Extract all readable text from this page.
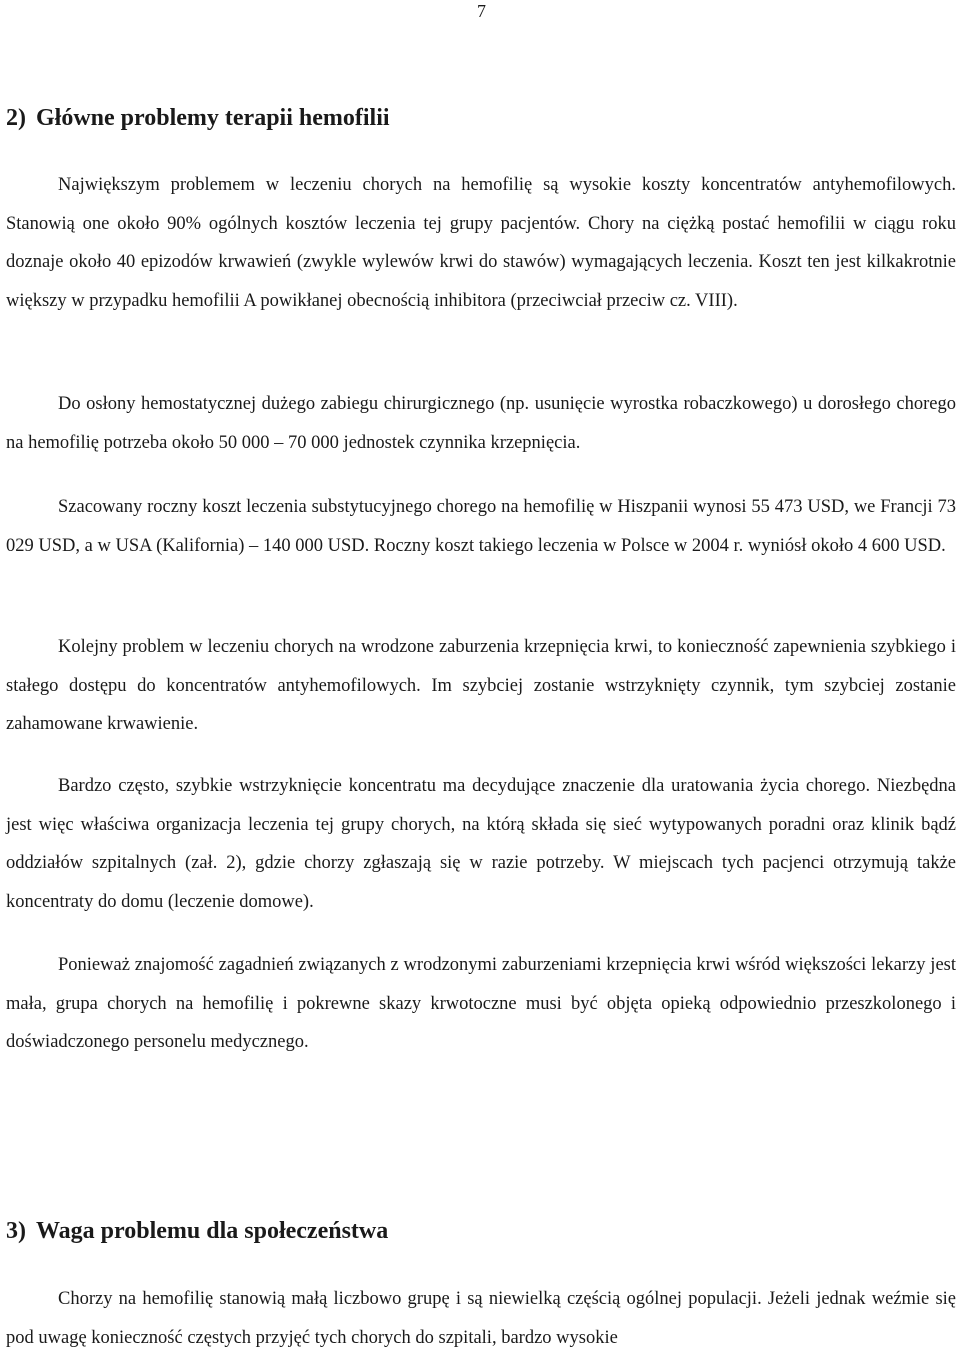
7
2) Główne problemy terapii hemofilii

Największym problemem w leczeniu chorych na hemofilię są wysokie koszty koncentratów antyhemofilowych. Stanowią one około 90% ogólnych kosztów leczenia tej grupy pacjentów. Chory na ciężką postać hemofilii w ciągu roku doznaje około 40 epizodów krwawień (zwykle wylewów krwi do stawów) wymagających leczenia. Koszt ten jest kilkakrotnie większy w przypadku hemofilii A powikłanej obecnością inhibitora (przeciwciał przeciw cz. VIII).

Do osłony hemostatycznej dużego zabiegu chirurgicznego (np. usunięcie wyrostka robaczkowego) u dorosłego chorego na hemofilię potrzeba około 50 000 – 70 000 jednostek czynnika krzepnięcia.

Szacowany roczny koszt leczenia substytucyjnego chorego na hemofilię w Hiszpanii wynosi 55 473 USD, we Francji 73 029 USD, a w USA (Kalifornia) – 140 000 USD. Roczny koszt takiego leczenia w Polsce w 2004 r. wyniósł około 4 600 USD.

Kolejny problem w leczeniu chorych na wrodzone zaburzenia krzepnięcia krwi, to konieczność zapewnienia szybkiego i stałego dostępu do koncentratów antyhemofilowych. Im szybciej zostanie wstrzyknięty czynnik, tym szybciej zostanie zahamowane krwawienie.

Bardzo często, szybkie wstrzyknięcie koncentratu ma decydujące znaczenie dla uratowania życia chorego. Niezbędna jest więc właściwa organizacja leczenia tej grupy chorych, na którą składa się sieć wytypowanych poradni oraz klinik bądź oddziałów szpitalnych (zał. 2), gdzie chorzy zgłaszają się w razie potrzeby. W miejscach tych pacjenci otrzymują także koncentraty do domu (leczenie domowe).

Ponieważ znajomość zagadnień związanych z wrodzonymi zaburzeniami krzepnięcia krwi wśród większości lekarzy jest mała, grupa chorych na hemofilię i pokrewne skazy krwotoczne musi być objęta opieką odpowiednio przeszkolonego i doświadczonego personelu medycznego.

3) Waga problemu dla społeczeństwa

Chorzy na hemofilię stanowią małą liczbowo grupę i są niewielką częścią ogólnej populacji. Jeżeli jednak weźmie się pod uwagę konieczność częstych przyjęć tych chorych do szpitali, bardzo wysokie
